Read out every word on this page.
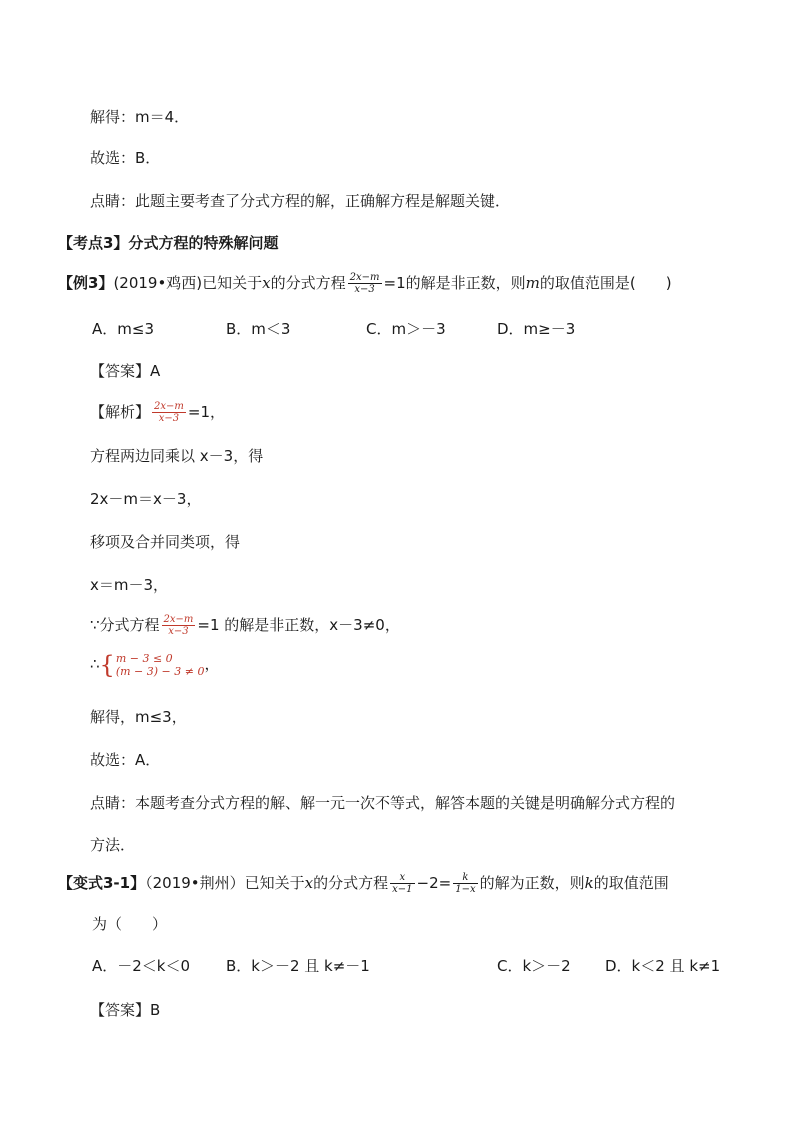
解得：m＝4．
故选：B．
点睛：此题主要考查了分式方程的解，正确解方程是解题关键．
【考点3】分式方程的特殊解问题
【例3】(2019•鸡西)已知关于x的分式方程 $\frac{2x-m}{x-3} =1$的解是非正数，则m的取值范围是(　　)
A．m≤3	B．m＜3	C．m＞－3	D．m≥－3
【答案】A
【解析】 $\frac{2x-m}{x-3} =1$，
方程两边同乘以 x－3，得
2x－m＝x－3，
移项及合并同类项，得
x＝m－3，
∵分式方程 $\frac{2x-m}{x-3} =1$ 的解是非正数，x－3≠0，
∴{ m − 3 ≤ 0
(m − 3) − 3 ≠ 0 ，
解得，m≤3，
故选：A．
点睛：本题考查分式方程的解、解一元一次不等式，解答本题的关键是明确解分式方程的
方法．
【变式3-1】（2019•荆州）已知关于x的分式方程 $\frac{x}{x-1} -2= \frac{k}{1-x}$ 的解为正数，则k的取值范围
为（　　）
A．－2＜k＜0 B．k＞－2 且 k≠－1	C．k＞－2 D．k＜2 且 k≠1
【答案】B
